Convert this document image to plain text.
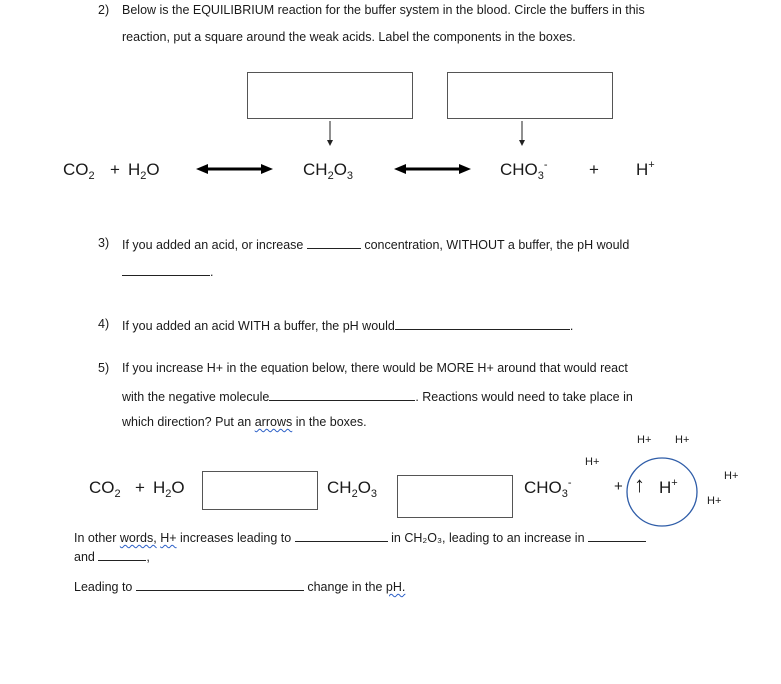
2) Below is the EQUILIBRIUM reaction for the buffer system in the blood. Circle the buffers in this
reaction, put a square around the weak acids. Label the components in the boxes.
$CO_2 + H_2O$	$CH_2O_3$	$CHO_3^- + H^+$
3) If you added an acid, or increase	concentration, WITHOUT a buffer, the pH would
.
4) If you added an acid WITH a buffer, the pH would	.
5) If you increase H+ in the equation below, there would be MORE H+ around that would react
with the negative molecule	. Reactions would need to take place in
which direction? Put an arrows in the boxes.
H+ H+
H+
H+
H+
$CO_2 + H_2O$	$CH_2O_3$	$CHO_3^-$	+ ↑ H+
In other words, H+ increases leading to	in CH₂O₃, leading to an increase in
and	,
Leading to	change in the pH.
